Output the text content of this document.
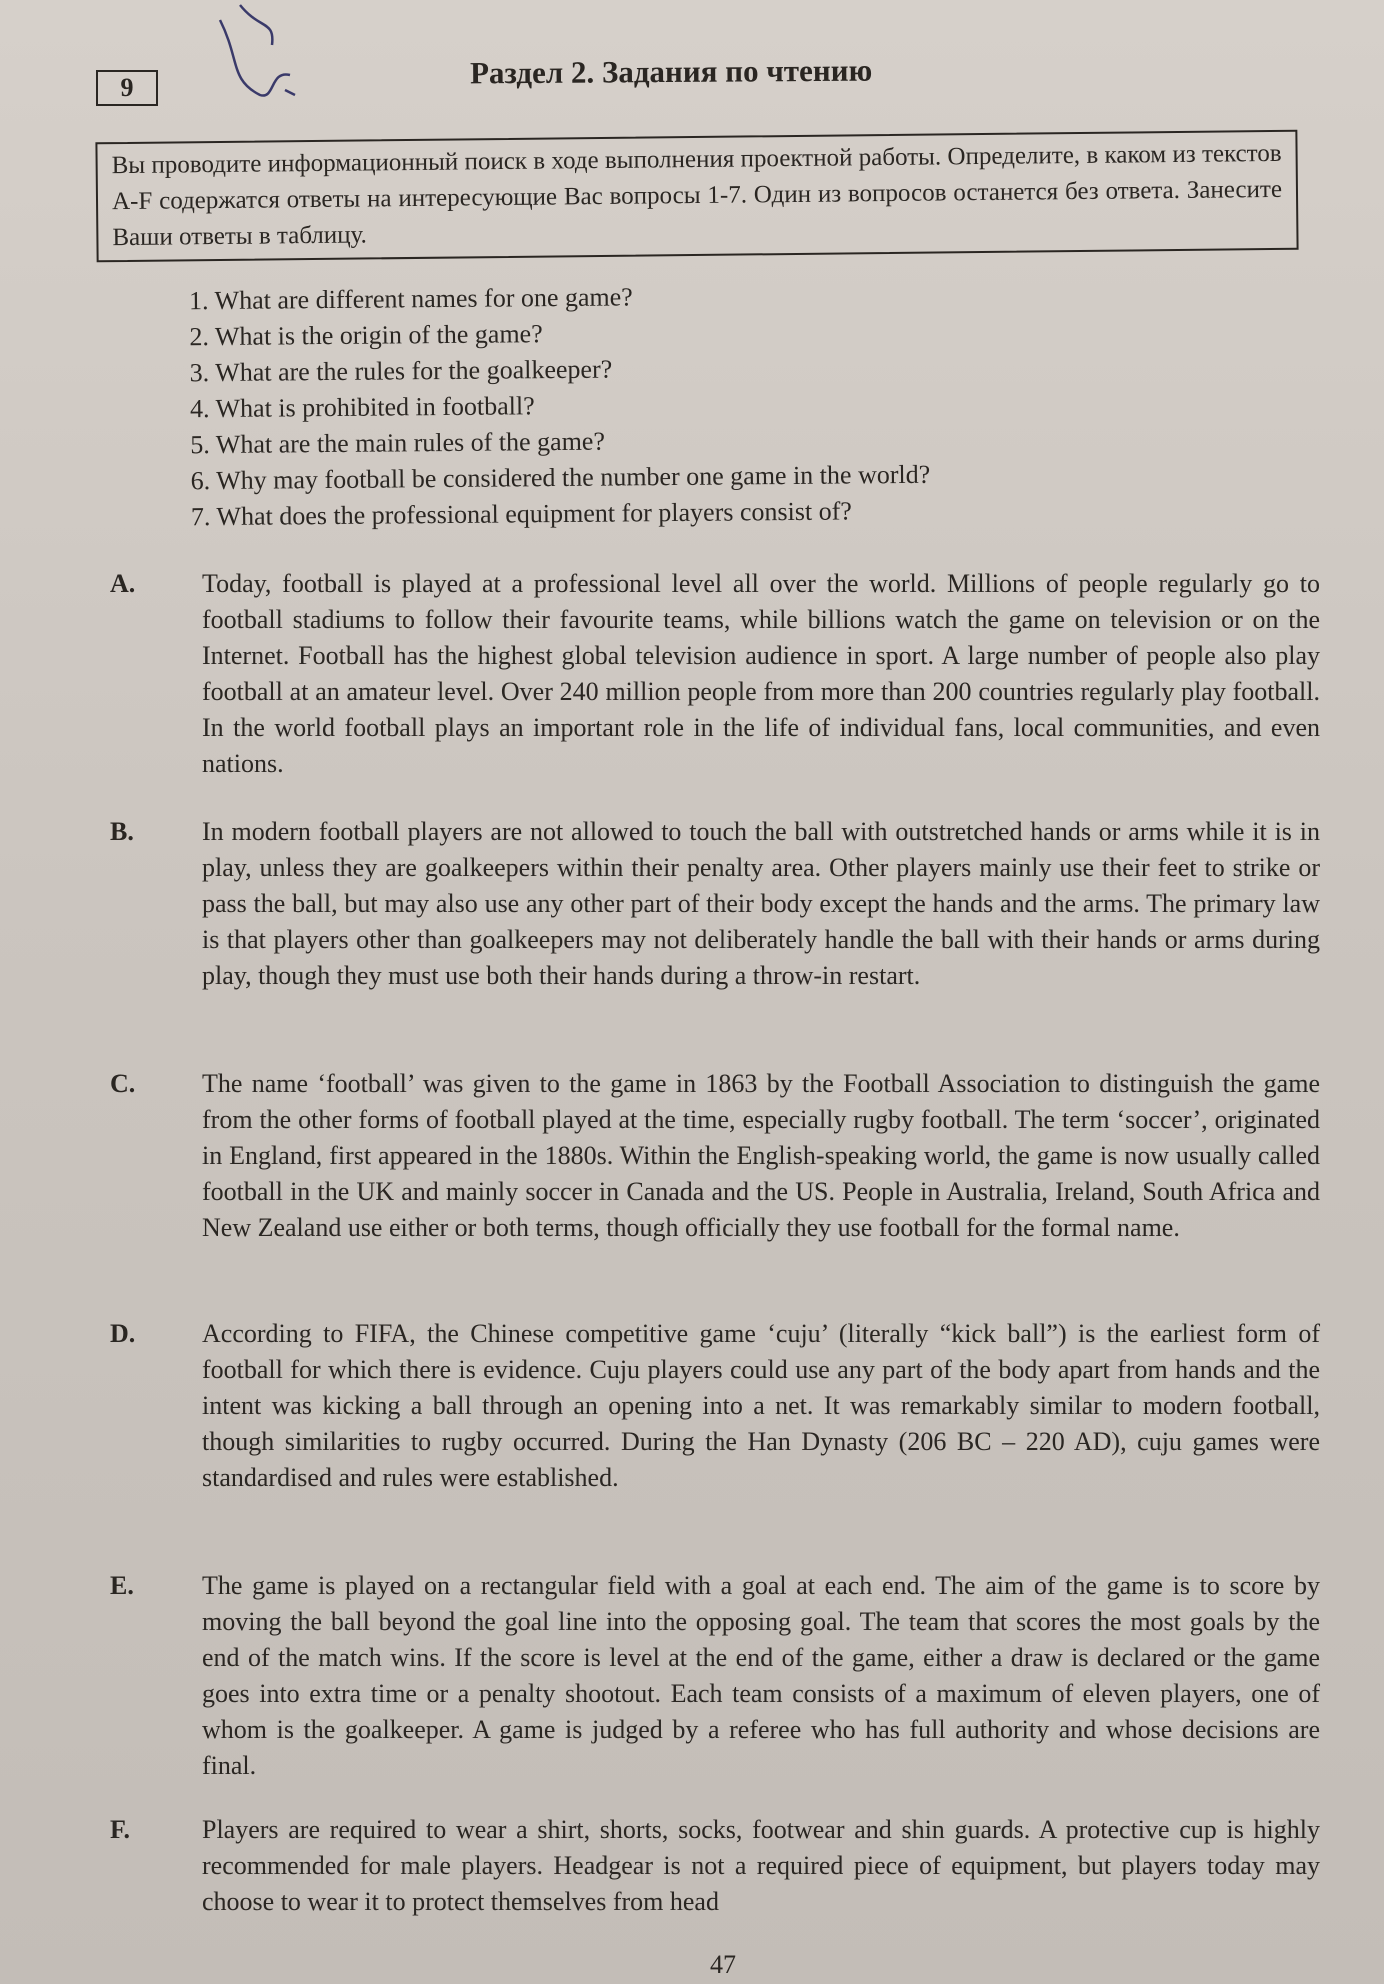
9	Раздел 2. Задания по чтению
Вы проводите информационный поиск в ходе выполнения проектной работы. Определите, в каком из текстов A-F содержатся ответы на интересующие Вас вопросы 1-7. Один из вопросов останется без ответа. Занесите Ваши ответы в таблицу.
1. What are different names for one game?
2. What is the origin of the game?
3. What are the rules for the goalkeeper?
4. What is prohibited in football?
5. What are the main rules of the game?
6. Why may football be considered the number one game in the world?
7. What does the professional equipment for players consist of?
A.	Today, football is played at a professional level all over the world. Millions of people regularly go to football stadiums to follow their favourite teams, while billions watch the game on television or on the Internet. Football has the highest global television audience in sport. A large number of people also play football at an amateur level. Over 240 million people from more than 200 countries regularly play football. In the world football plays an important role in the life of individual fans, local communities, and even nations.
B.	In modern football players are not allowed to touch the ball with outstretched hands or arms while it is in play, unless they are goalkeepers within their penalty area. Other players mainly use their feet to strike or pass the ball, but may also use any other part of their body except the hands and the arms. The primary law is that players other than goalkeepers may not deliberately handle the ball with their hands or arms during play, though they must use both their hands during a throw-in restart.
C.	The name ‘football’ was given to the game in 1863 by the Football Association to distinguish the game from the other forms of football played at the time, especially rugby football. The term ‘soccer’, originated in England, first appeared in the 1880s. Within the English-speaking world, the game is now usually called football in the UK and mainly soccer in Canada and the US. People in Australia, Ireland, South Africa and New Zealand use either or both terms, though officially they use football for the formal name.
D.	According to FIFA, the Chinese competitive game ‘cuju’ (literally “kick ball”) is the earliest form of football for which there is evidence. Cuju players could use any part of the body apart from hands and the intent was kicking a ball through an opening into a net. It was remarkably similar to modern football, though similarities to rugby occurred. During the Han Dynasty (206 BC – 220 AD), cuju games were standardised and rules were established.
E.	The game is played on a rectangular field with a goal at each end. The aim of the game is to score by moving the ball beyond the goal line into the opposing goal. The team that scores the most goals by the end of the match wins. If the score is level at the end of the game, either a draw is declared or the game goes into extra time or a penalty shootout. Each team consists of a maximum of eleven players, one of whom is the goalkeeper. A game is judged by a referee who has full authority and whose decisions are final.
F.	Players are required to wear a shirt, shorts, socks, footwear and shin guards. A protective cup is highly recommended for male players. Headgear is not a required piece of equipment, but players today may choose to wear it to protect themselves from head
47
